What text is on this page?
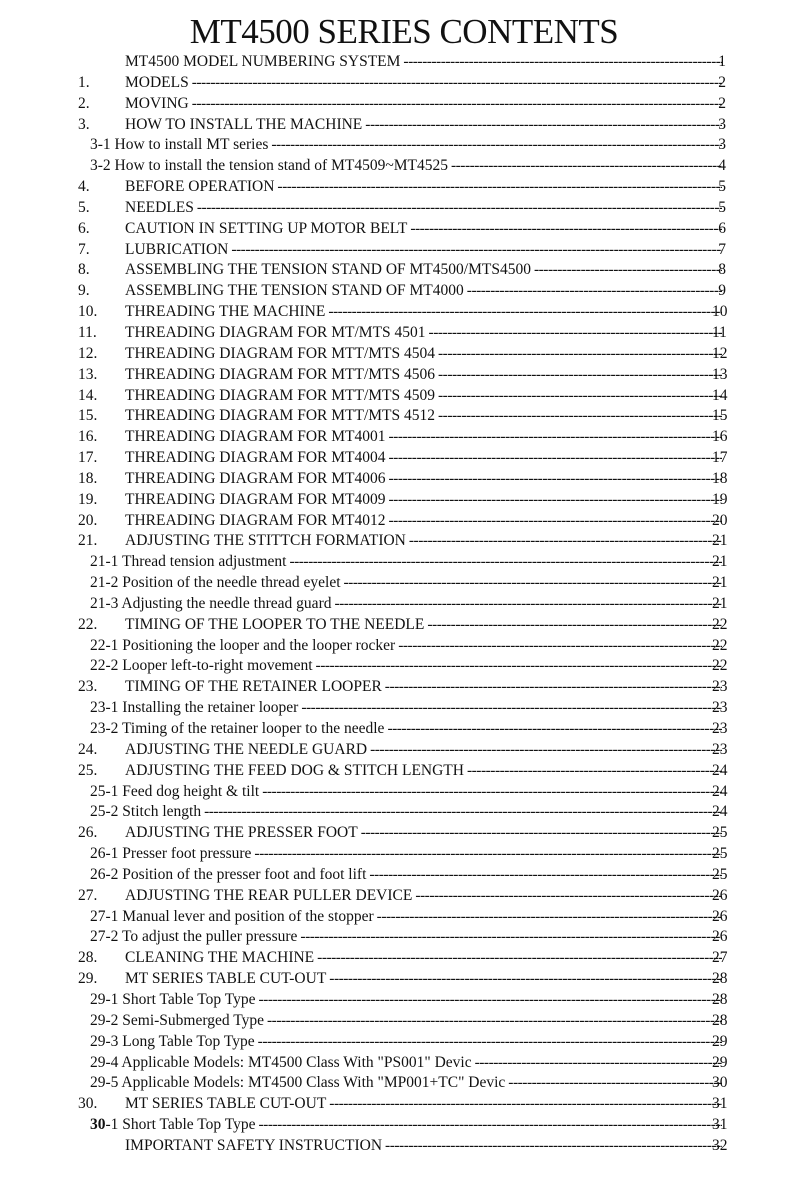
MT4500 SERIES CONTENTS
MT4500 MODEL NUMBERING SYSTEM -----	1
1. MODELS -----	2
2. MOVING -----	2
3. HOW TO INSTALL THE MACHINE -----	3
3-1 How to install MT series -----	3
3-2 How to install the tension stand of MT4509~MT4525 -----	4
4. BEFORE OPERATION -----	5
5. NEEDLES -----	5
6. CAUTION IN SETTING UP MOTOR BELT -----	6
7. LUBRICATION -----	7
8. ASSEMBLING THE TENSION STAND OF MT4500/MTS4500 -----	8
9. ASSEMBLING THE TENSION STAND OF MT4000 -----	9
10. THREADING THE MACHINE -----	10
11. THREADING DIAGRAM FOR MT/MTS 4501 -----	11
12. THREADING DIAGRAM FOR MTT/MTS 4504 -----	12
13. THREADING DIAGRAM FOR MTT/MTS 4506 -----	13
14. THREADING DIAGRAM FOR MTT/MTS 4509 -----	14
15. THREADING DIAGRAM FOR MTT/MTS 4512 -----	15
16. THREADING DIAGRAM FOR MT4001 -----	16
17. THREADING DIAGRAM FOR MT4004 -----	17
18. THREADING DIAGRAM FOR MT4006 -----	18
19. THREADING DIAGRAM FOR MT4009 -----	19
20. THREADING DIAGRAM FOR MT4012 -----	20
21. ADJUSTING THE STITTCH FORMATION -----	21
21-1 Thread tension adjustment -----	21
21-2 Position of the needle thread eyelet -----	21
21-3 Adjusting the needle thread guard -----	21
22. TIMING OF THE LOOPER TO THE NEEDLE -----	22
22-1 Positioning the looper and the looper rocker -----	22
22-2 Looper left-to-right movement -----	22
23. TIMING OF THE RETAINER LOOPER -----	23
23-1 Installing the retainer looper -----	23
23-2 Timing of the retainer looper to the needle -----	23
24. ADJUSTING THE NEEDLE GUARD -----	23
25. ADJUSTING THE FEED DOG & STITCH LENGTH -----	24
25-1 Feed dog height & tilt -----	24
25-2 Stitch length -----	24
26. ADJUSTING THE PRESSER FOOT -----	25
26-1 Presser foot pressure -----	25
26-2 Position of the presser foot and foot lift -----	25
27. ADJUSTING THE REAR PULLER DEVICE -----	26
27-1 Manual lever and position of the stopper -----	26
27-2 To adjust the puller pressure -----	26
28. CLEANING THE MACHINE -----	27
29. MT SERIES TABLE CUT-OUT -----	28
29-1 Short Table Top Type -----	28
29-2 Semi-Submerged Type -----	28
29-3 Long Table Top Type -----	29
29-4 Applicable Models: MT4500 Class With "PS001" Devic -----	29
29-5 Applicable Models: MT4500 Class With "MP001+TC" Devic -----	30
30. MT SERIES TABLE CUT-OUT -----	31
30-1 Short Table Top Type -----	31
IMPORTANT SAFETY INSTRUCTION -----	32
